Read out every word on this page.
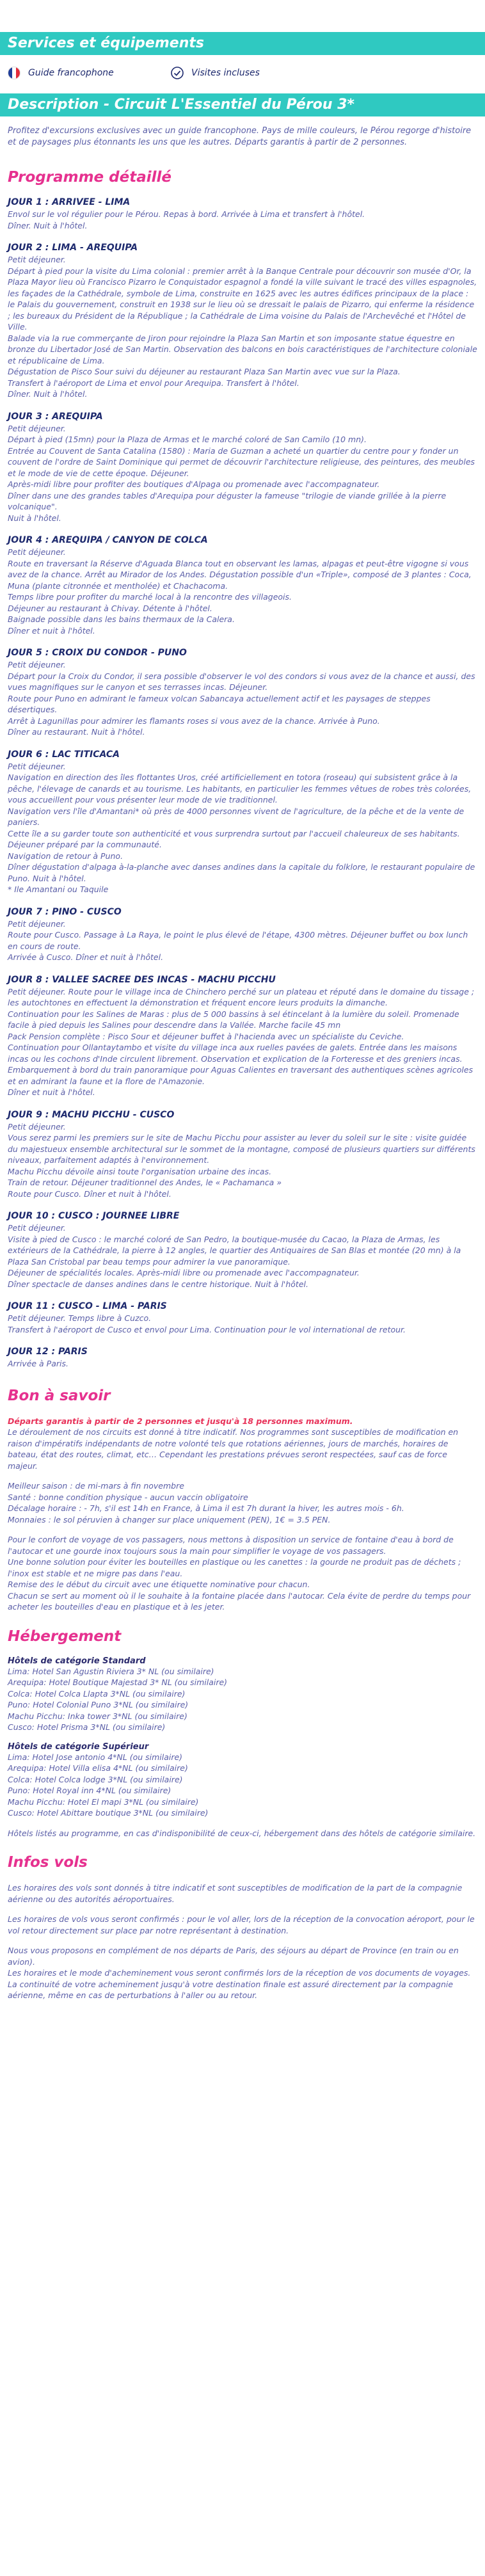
Services et équipements
Guide francophone	Visites incluses
Description - Circuit L'Essentiel du Pérou 3*
Profitez d'excursions exclusives avec un guide francophone. Pays de mille couleurs, le Pérou regorge d'histoire et de paysages plus étonnants les uns que les autres. Départs garantis à partir de 2 personnes.
Programme détaillé
JOUR 1 : ARRIVEE - LIMA
Envol sur le vol régulier pour le Pérou. Repas à bord. Arrivée à Lima et transfert à l'hôtel.
Dîner. Nuit à l'hôtel.
JOUR 2 : LIMA - AREQUIPA
Petit déjeuner.
Départ à pied pour la visite du Lima colonial : premier arrêt à la Banque Centrale pour découvrir son musée d'Or, la Plaza Mayor lieu où Francisco Pizarro le Conquistador espagnol a fondé la ville suivant le tracé des villes espagnoles, les façades de la Cathédrale, symbole de Lima, construite en 1625 avec les autres édifices principaux de la place : le Palais du gouvernement, construit en 1938 sur le lieu où se dressait le palais de Pizarro, qui enferme la résidence ; les bureaux du Président de la République ; la Cathédrale de Lima voisine du Palais de l'Archevêché et l'Hôtel de Ville.
Balade via la rue commerçante de Jiron pour rejoindre la Plaza San Martin et son imposante statue équestre en bronze du Libertador José de San Martin. Observation des balcons en bois caractéristiques de l'architecture coloniale et républicaine de Lima.
Dégustation de Pisco Sour suivi du déjeuner au restaurant Plaza San Martin avec vue sur la Plaza.
Transfert à l'aéroport de Lima et envol pour Arequipa. Transfert à l'hôtel.
Dîner. Nuit à l'hôtel.
JOUR 3 : AREQUIPA
Petit déjeuner.
Départ à pied (15mn) pour la Plaza de Armas et le marché coloré de San Camilo (10 mn).
Entrée au Couvent de Santa Catalina (1580) : Maria de Guzman a acheté un quartier du centre pour y fonder un couvent de l'ordre de Saint Dominique qui permet de découvrir l'architecture religieuse, des peintures, des meubles et le mode de vie de cette époque. Déjeuner.
Après-midi libre pour profiter des boutiques d'Alpaga ou promenade avec l'accompagnateur.
Dîner dans une des grandes tables d'Arequipa pour déguster la fameuse "trilogie de viande grillée à la pierre volcanique".
Nuit à l'hôtel.
JOUR 4 : AREQUIPA / CANYON DE COLCA
Petit déjeuner.
Route en traversant la Réserve d'Aguada Blanca tout en observant les lamas, alpagas et peut-être vigogne si vous avez de la chance. Arrêt au Mirador de los Andes. Dégustation possible d'un «Triple», composé de 3 plantes : Coca, Muna (plante citronnée et mentholée) et Chachacoma.
Temps libre pour profiter du marché local à la rencontre des villageois.
Déjeuner au restaurant à Chivay. Détente à l'hôtel.
Baignade possible dans les bains thermaux de la Calera.
Dîner et nuit à l'hôtel.
JOUR 5 : CROIX DU CONDOR - PUNO
Petit déjeuner.
Départ pour la Croix du Condor, il sera possible d'observer le vol des condors si vous avez de la chance et aussi, des vues magnifiques sur le canyon et ses terrasses incas. Déjeuner.
Route pour Puno en admirant le fameux volcan Sabancaya actuellement actif et les paysages de steppes désertiques.
Arrêt à Lagunillas pour admirer les flamants roses si vous avez de la chance. Arrivée à Puno.
Dîner au restaurant. Nuit à l'hôtel.
JOUR 6 : LAC TITICACA
Petit déjeuner.
Navigation en direction des îles flottantes Uros, créé artificiellement en totora (roseau) qui subsistent grâce à la pêche, l'élevage de canards et au tourisme. Les habitants, en particulier les femmes vêtues de robes très colorées, vous accueillent pour vous présenter leur mode de vie traditionnel.
Navigation vers l'île d'Amantani* où près de 4000 personnes vivent de l'agriculture, de la pêche et de la vente de paniers.
Cette île a su garder toute son authenticité et vous surprendra surtout par l'accueil chaleureux de ses habitants. Déjeuner préparé par la communauté.
Navigation de retour à Puno.
Dîner dégustation d'alpaga à-la-planche avec danses andines dans la capitale du folklore, le restaurant populaire de Puno. Nuit à l'hôtel.
* Ile Amantani ou Taquile
JOUR 7 : PINO - CUSCO
Petit déjeuner.
Route pour Cusco. Passage à La Raya, le point le plus élevé de l'étape, 4300 mètres. Déjeuner buffet ou box lunch en cours de route.
Arrivée à Cusco. Dîner et nuit à l'hôtel.
JOUR 8 : VALLEE SACREE DES INCAS - MACHU PICCHU
Petit déjeuner. Route pour le village inca de Chinchero perché sur un plateau et réputé dans le domaine du tissage ; les autochtones en effectuent la démonstration et fréquent encore leurs produits la dimanche.
Continuation pour les Salines de Maras : plus de 5 000 bassins à sel étincelant à la lumière du soleil. Promenade facile à pied depuis les Salines pour descendre dans la Vallée. Marche facile 45 mn
Pack Pension complète : Pisco Sour et déjeuner buffet à l'hacienda avec un spécialiste du Ceviche.
Continuation pour Ollantaytambo et visite du village inca aux ruelles pavées de galets. Entrée dans les maisons incas ou les cochons d'Inde circulent librement. Observation et explication de la Forteresse et des greniers incas.
Embarquement à bord du train panoramique pour Aguas Calientes en traversant des authentiques scènes agricoles et en admirant la faune et la flore de l'Amazonie.
Dîner et nuit à l'hôtel.
JOUR 9 : MACHU PICCHU - CUSCO
Petit déjeuner.
Vous serez parmi les premiers sur le site de Machu Picchu pour assister au lever du soleil sur le site : visite guidée du majestueux ensemble architectural sur le sommet de la montagne, composé de plusieurs quartiers sur différents niveaux, parfaitement adaptés à l'environnement.
Machu Picchu dévoile ainsi toute l'organisation urbaine des incas.
Train de retour. Déjeuner traditionnel des Andes, le « Pachamanca »
Route pour Cusco. Dîner et nuit à l'hôtel.
JOUR 10 : CUSCO : JOURNEE LIBRE
Petit déjeuner.
Visite à pied de Cusco : le marché coloré de San Pedro, la boutique-musée du Cacao, la Plaza de Armas, les extérieurs de la Cathédrale, la pierre à 12 angles, le quartier des Antiquaires de San Blas et montée (20 mn) à la Plaza San Cristobal par beau temps pour admirer la vue panoramique.
Déjeuner de spécialités locales. Après-midi libre ou promenade avec l'accompagnateur.
Dîner spectacle de danses andines dans le centre historique. Nuit à l'hôtel.
JOUR 11 : CUSCO - LIMA - PARIS
Petit déjeuner. Temps libre à Cuzco.
Transfert à l'aéroport de Cusco et envol pour Lima. Continuation pour le vol international de retour.
JOUR 12 : PARIS
Arrivée à Paris.
Bon à savoir
Départs garantis à partir de 2 personnes et jusqu'à 18 personnes maximum.
Le déroulement de nos circuits est donné à titre indicatif. Nos programmes sont susceptibles de modification en raison d'impératifs indépendants de notre volonté tels que rotations aériennes, jours de marchés, horaires de bateau, état des routes, climat, etc… Cependant les prestations prévues seront respectées, sauf cas de force majeur.
Meilleur saison : de mi-mars à fin novembre
Santé : bonne condition physique - aucun vaccin obligatoire
Décalage horaire : - 7h, s'il est 14h en France, à Lima il est 7h durant la hiver, les autres mois - 6h.
Monnaies : le sol péruvien à changer sur place uniquement (PEN), 1€ = 3.5 PEN.
Pour le confort de voyage de vos passagers, nous mettons à disposition un service de fontaine d'eau à bord de l'autocar et une gourde inox toujours sous la main pour simplifier le voyage de vos passagers.
Une bonne solution pour éviter les bouteilles en plastique ou les canettes : la gourde ne produit pas de déchets ; l'inox est stable et ne migre pas dans l'eau.
Remise des le début du circuit avec une étiquette nominative pour chacun.
Chacun se sert au moment où il le souhaite à la fontaine placée dans l'autocar. Cela évite de perdre du temps pour acheter les bouteilles d'eau en plastique et à les jeter.
Hébergement
Hôtels de catégorie Standard
Lima: Hotel San Agustin Riviera 3* NL (ou similaire)
Arequipa: Hotel Boutique Majestad 3* NL (ou similaire)
Colca: Hotel Colca Llapta 3*NL (ou similaire)
Puno: Hotel Colonial Puno 3*NL (ou similaire)
Machu Picchu: Inka tower 3*NL (ou similaire)
Cusco: Hotel Prisma 3*NL (ou similaire)
Hôtels de catégorie Supérieur
Lima: Hotel Jose antonio 4*NL (ou similaire)
Arequipa: Hotel Villa elisa 4*NL (ou similaire)
Colca: Hotel Colca lodge 3*NL (ou similaire)
Puno: Hotel Royal inn 4*NL (ou similaire)
Machu Picchu: Hotel El mapi 3*NL (ou similaire)
Cusco: Hotel Abittare boutique 3*NL (ou similaire)
Hôtels listés au programme, en cas d'indisponibilité de ceux-ci, hébergement dans des hôtels de catégorie similaire.
Infos vols
Les horaires des vols sont donnés à titre indicatif et sont susceptibles de modification de la part de la compagnie aérienne ou des autorités aéroportuaires.
Les horaires de vols vous seront confirmés : pour le vol aller, lors de la réception de la convocation aéroport, pour le vol retour directement sur place par notre représentant à destination.
Nous vous proposons en complément de nos départs de Paris, des séjours au départ de Province (en train ou en avion).
Les horaires et le mode d'acheminement vous seront confirmés lors de la réception de vos documents de voyages.
La continuité de votre acheminement jusqu'à votre destination finale est assuré directement par la compagnie aérienne, même en cas de perturbations à l'aller ou au retour.
